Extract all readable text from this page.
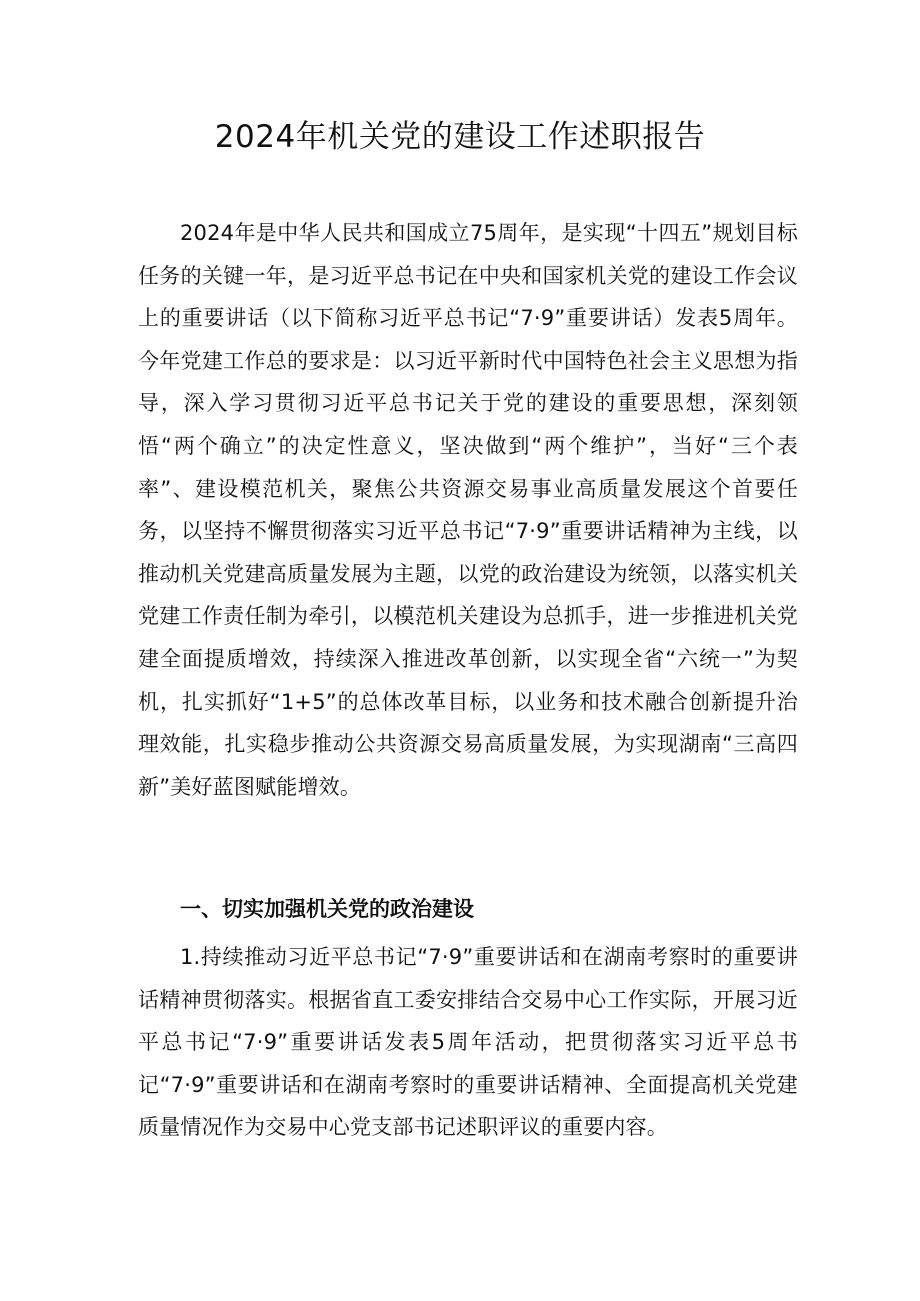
2024年机关党的建设工作述职报告

2024年是中华人民共和国成立75周年，是实现“十四五”规划目标任务的关键一年，是习近平总书记在中央和国家机关党的建设工作会议上的重要讲话（以下简称习近平总书记“7·9”重要讲话）发表5周年。今年党建工作总的要求是：以习近平新时代中国特色社会主义思想为指导，深入学习贯彻习近平总书记关于党的建设的重要思想，深刻领悟“两个确立”的决定性意义，坚决做到“两个维护”，当好“三个表率”、建设模范机关，聚焦公共资源交易事业高质量发展这个首要任务，以坚持不懈贯彻落实习近平总书记“7·9”重要讲话精神为主线，以推动机关党建高质量发展为主题，以党的政治建设为统领，以落实机关党建工作责任制为牵引，以模范机关建设为总抓手，进一步推进机关党建全面提质增效，持续深入推进改革创新，以实现全省“六统一”为契机，扎实抓好“1+5”的总体改革目标，以业务和技术融合创新提升治理效能，扎实稳步推动公共资源交易高质量发展，为实现湖南“三高四新”美好蓝图赋能增效。

一、切实加强机关党的政治建设

1.持续推动习近平总书记“7·9”重要讲话和在湖南考察时的重要讲话精神贯彻落实。根据省直工委安排结合交易中心工作实际，开展习近平总书记“7·9”重要讲话发表5周年活动，把贯彻落实习近平总书记“7·9”重要讲话和在湖南考察时的重要讲话精神、全面提高机关党建质量情况作为交易中心党支部书记述职评议的重要内容。
